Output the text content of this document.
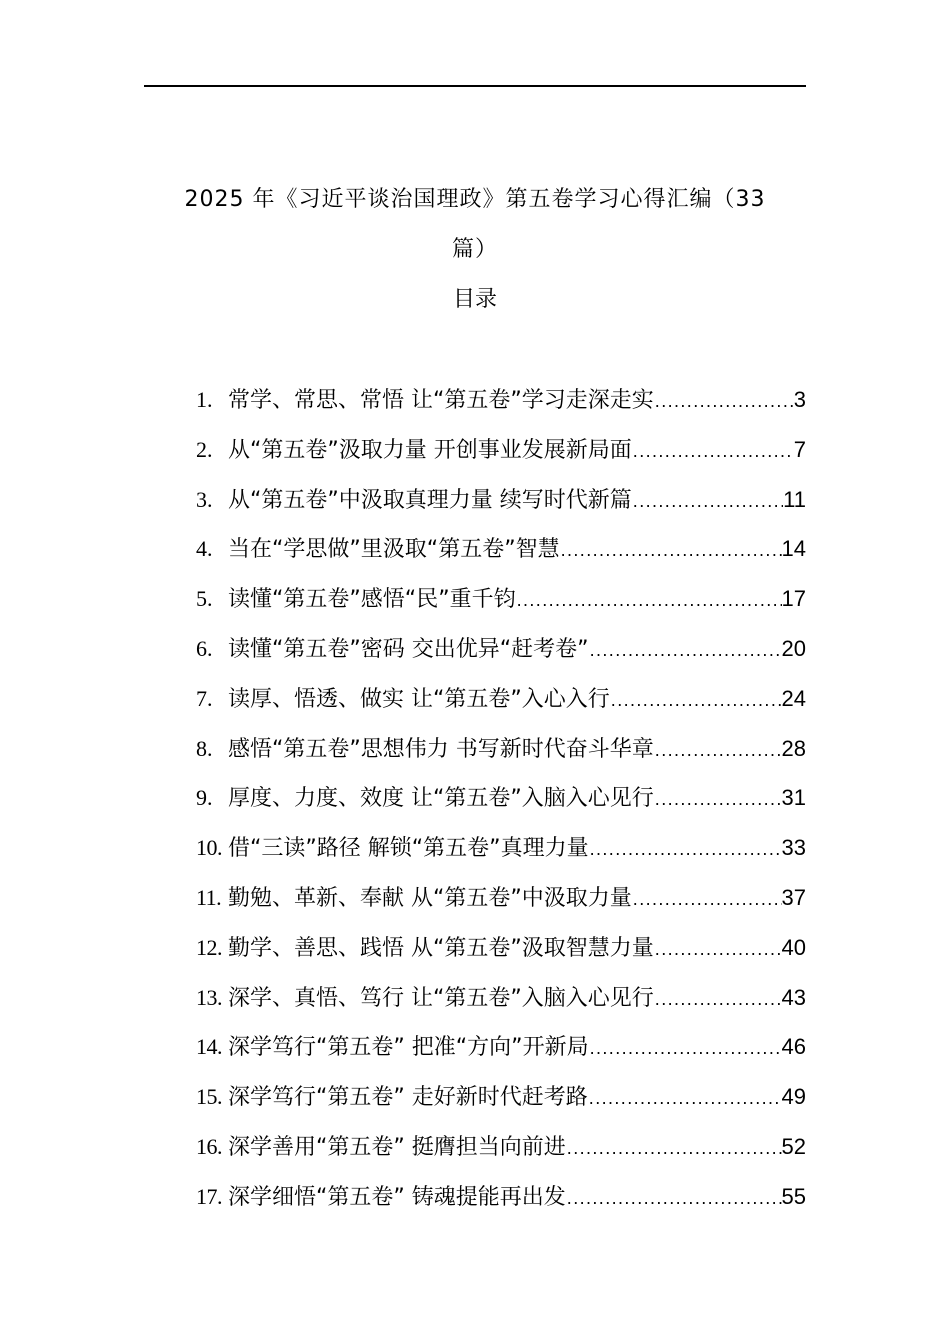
2025 年《习近平谈治国理政》第五卷学习心得汇编（33
篇）
目录
1. 常学、常思、常悟 让“第五卷”学习走深走实 .....	3
2. 从“第五卷”汲取力量 开创事业发展新局面 .....	7
3. 从“第五卷”中汲取真理力量 续写时代新篇 .....	11
4. 当在“学思做”里汲取“第五卷”智慧 .....	14
5. 读懂“第五卷”感悟“民”重千钧 .....	17
6. 读懂“第五卷”密码 交出优异“赶考卷” .....	20
7. 读厚、悟透、做实 让“第五卷”入心入行 .....	24
8. 感悟“第五卷”思想伟力 书写新时代奋斗华章 .....	28
9. 厚度、力度、效度 让“第五卷”入脑入心见行 .....	31
10. 借“三读”路径 解锁“第五卷”真理力量 .....	33
11. 勤勉、革新、奉献 从“第五卷”中汲取力量 .....	37
12. 勤学、善思、践悟 从“第五卷”汲取智慧力量 .....	40
13. 深学、真悟、笃行 让“第五卷”入脑入心见行 .....	43
14. 深学笃行“第五卷” 把准“方向”开新局 .....	46
15. 深学笃行“第五卷” 走好新时代赶考路 .....	49
16. 深学善用“第五卷” 挺膺担当向前进 .....	52
17. 深学细悟“第五卷” 铸魂提能再出发 .....	55
